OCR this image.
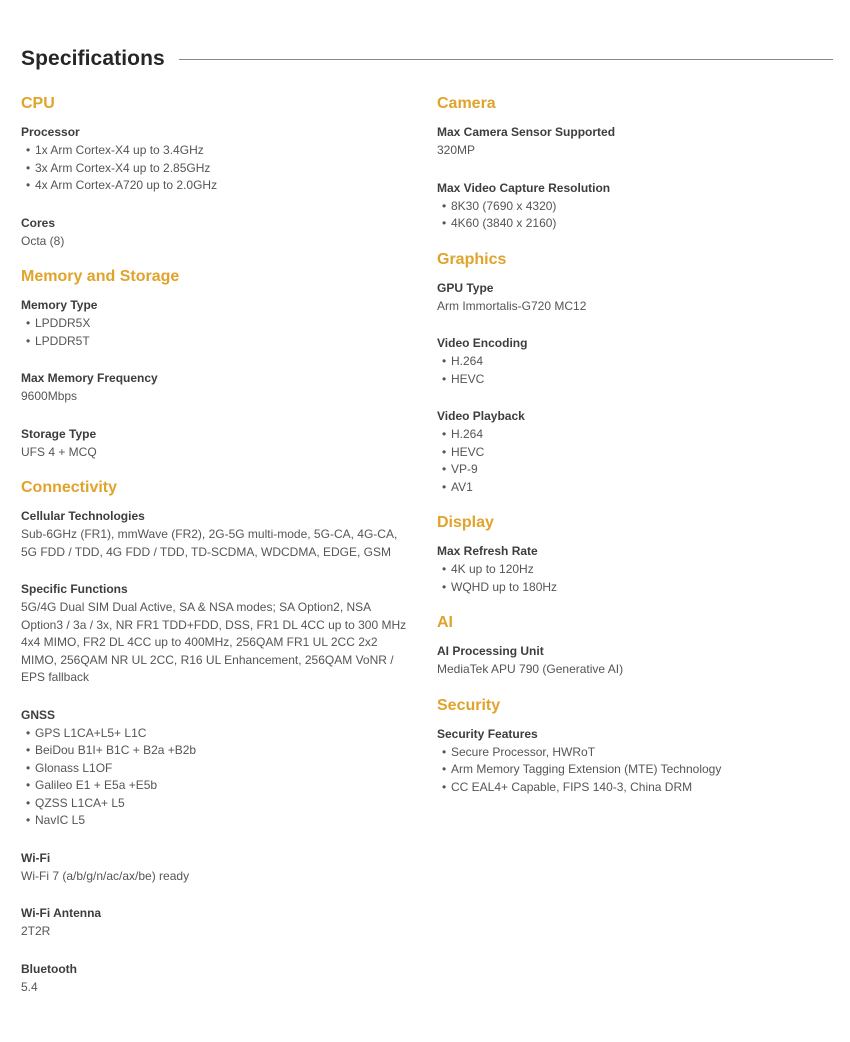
Specifications
CPU
Processor
• 1x Arm Cortex-X4 up to 3.4GHz
• 3x Arm Cortex-X4 up to 2.85GHz
• 4x Arm Cortex-A720 up to 2.0GHz
Cores
Octa (8)
Memory and Storage
Memory Type
• LPDDR5X
• LPDDR5T
Max Memory Frequency
9600Mbps
Storage Type
UFS 4 + MCQ
Connectivity
Cellular Technologies
Sub-6GHz (FR1), mmWave (FR2), 2G-5G multi-mode, 5G-CA, 4G-CA, 5G FDD / TDD, 4G FDD / TDD, TD-SCDMA, WDCDMA, EDGE, GSM
Specific Functions
5G/4G Dual SIM Dual Active, SA & NSA modes; SA Option2, NSA Option3 / 3a / 3x, NR FR1 TDD+FDD, DSS, FR1 DL 4CC up to 300 MHz 4x4 MIMO, FR2 DL 4CC up to 400MHz, 256QAM FR1 UL 2CC 2x2 MIMO, 256QAM NR UL 2CC, R16 UL Enhancement, 256QAM VoNR / EPS fallback
GNSS
• GPS L1CA+L5+ L1C
• BeiDou B1I+ B1C + B2a +B2b
• Glonass L1OF
• Galileo E1 + E5a +E5b
• QZSS L1CA+ L5
• NavIC L5
Wi-Fi
Wi-Fi 7 (a/b/g/n/ac/ax/be) ready
Wi-Fi Antenna
2T2R
Bluetooth
5.4
Camera
Max Camera Sensor Supported
320MP
Max Video Capture Resolution
• 8K30 (7690 x 4320)
• 4K60 (3840 x 2160)
Graphics
GPU Type
Arm Immortalis-G720 MC12
Video Encoding
• H.264
• HEVC
Video Playback
• H.264
• HEVC
• VP-9
• AV1
Display
Max Refresh Rate
• 4K up to 120Hz
• WQHD up to 180Hz
AI
AI Processing Unit
MediaTek APU 790 (Generative AI)
Security
Security Features
• Secure Processor, HWRoT
• Arm Memory Tagging Extension (MTE) Technology
• CC EAL4+ Capable, FIPS 140-3, China DRM
